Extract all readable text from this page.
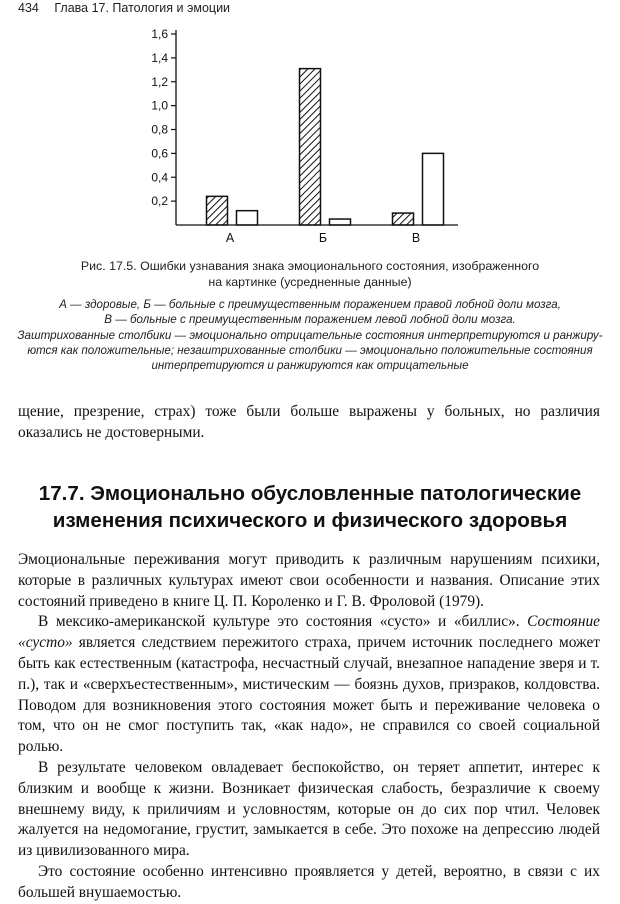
434 Глава 17. Патология и эмоции
0,2
0,4
0,6
0,8
1,0
1,2
1,4
1,6
А	Б	В
Рис. 17.5. Ошибки узнавания знака эмоционального состояния, изображенного
на картинке (усредненные данные)
А — здоровые, Б — больные с преимущественным поражением правой лобной доли мозга,
В — больные с преимущественным поражением левой лобной доли мозга.
Заштрихованные столбики — эмоционально отрицательные состояния интерпретируются и ранжиру-
ются как положительные; незаштрихованные столбики — эмоционально положительные состояния
интерпретируются и ранжируются как отрицательные

щение, презрение, страх) тоже были больше выражены у больных, но различия оказались не достоверными.

17.7. Эмоционально обусловленные патологические
изменения психического и физического здоровья

Эмоциональные переживания могут приводить к различным нарушениям психики, которые в различных культурах имеют свои особенности и названия. Описание этих состояний приведено в книге Ц. П. Короленко и Г. В. Фроловой (1979).

В мексико-американской культуре это состояния «сусто» и «биллис». Состояние «сусто» является следствием пережитого страха, причем источник последнего может быть как естественным (катастрофа, несчастный случай, внезапное нападение зверя и т. п.), так и «сверхъестественным», мистическим — боязнь духов, призраков, колдовства. Поводом для возникновения этого состояния может быть и переживание человека о том, что он не смог поступить так, «как надо», не справился со своей социальной ролью.

В результате человеком овладевает беспокойство, он теряет аппетит, интерес к близким и вообще к жизни. Возникает физическая слабость, безразличие к своему внешнему виду, к приличиям и условностям, которые он до сих пор чтил. Человек жалуется на недомогание, грустит, замыкается в себе. Это похоже на депрессию людей из цивилизованного мира.

Это состояние особенно интенсивно проявляется у детей, вероятно, в связи с их большей внушаемостью.
